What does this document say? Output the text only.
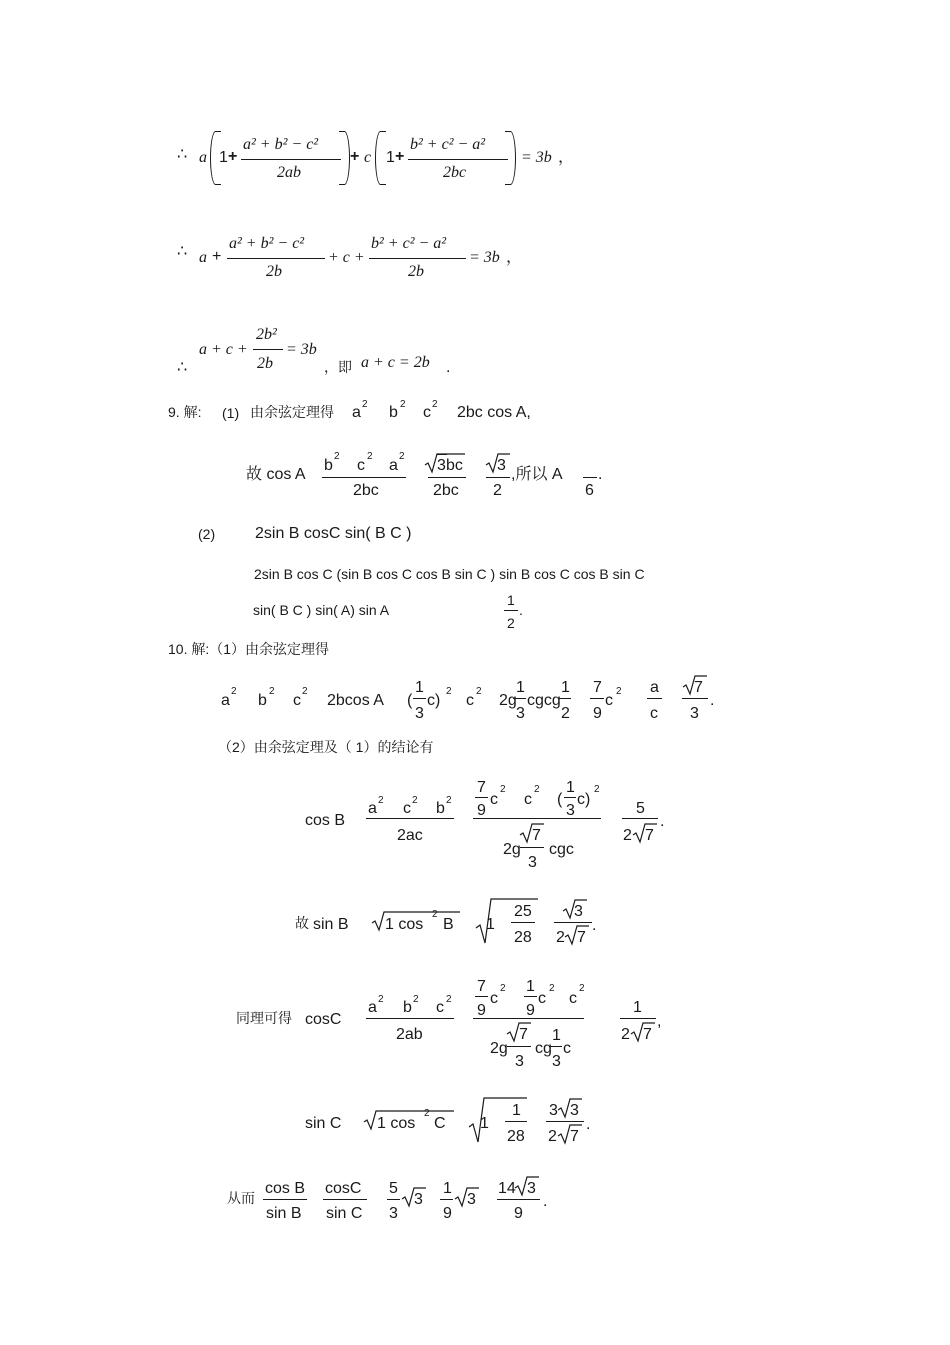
∴ a 1 +
a² + b² − c²
2ab
+ c 1 +
b² + c² − a²
2bc
= 3b ，
∴ a +
a² + b² − c²
2b
+ c +
b² + c² − a²
2b
= 3b ，
∴
a + c +
2b²
2b
= 3b
，即 a + c = 2b .
9. 解: (1) 由余弦定理得 a 2 b 2 c 2 2bc cos A,
故 cos A
b
2
c
2
a
2
2bc
3 bc
2bc
3
2
,所以 A
6
.
(2) 2sin B cosC sin( B C )
2sin B cos C (sin B cos C cos B sin C ) sin B cos C cos B sin C
sin( B C ) sin( A) sin A
1
2
.
10. 解:（1）由余弦定理得
a
2
b
2
c
2
2bcos A (
1
3
c)
2
c
2
2g
1
3
cgcg
1
2
7
9
c
2 a
c
7
3
.
（2）由余弦定理及（ 1）的结论有
cos B
a 2 c 2 b 2
2ac
7
9
c
2
c
2
(
1
3
c)
2
2g
7
3
cgc
5
2 7
.
故 sin B 1 cos
2
B 1
25
28
3
2 7
.
同理可得 cosC
a 2 b 2 c 2
2ab
7
9
c
2 1
9
c
2
c
2
2g
7
3
cg
1
3
c
1
2 7
,
sin C 1 cos
2
C 1
1
28
3 3
2 7
.
从而
cos B
sin B
cosC
sin C
5
3
3
1
9
3
14 3
9
.
